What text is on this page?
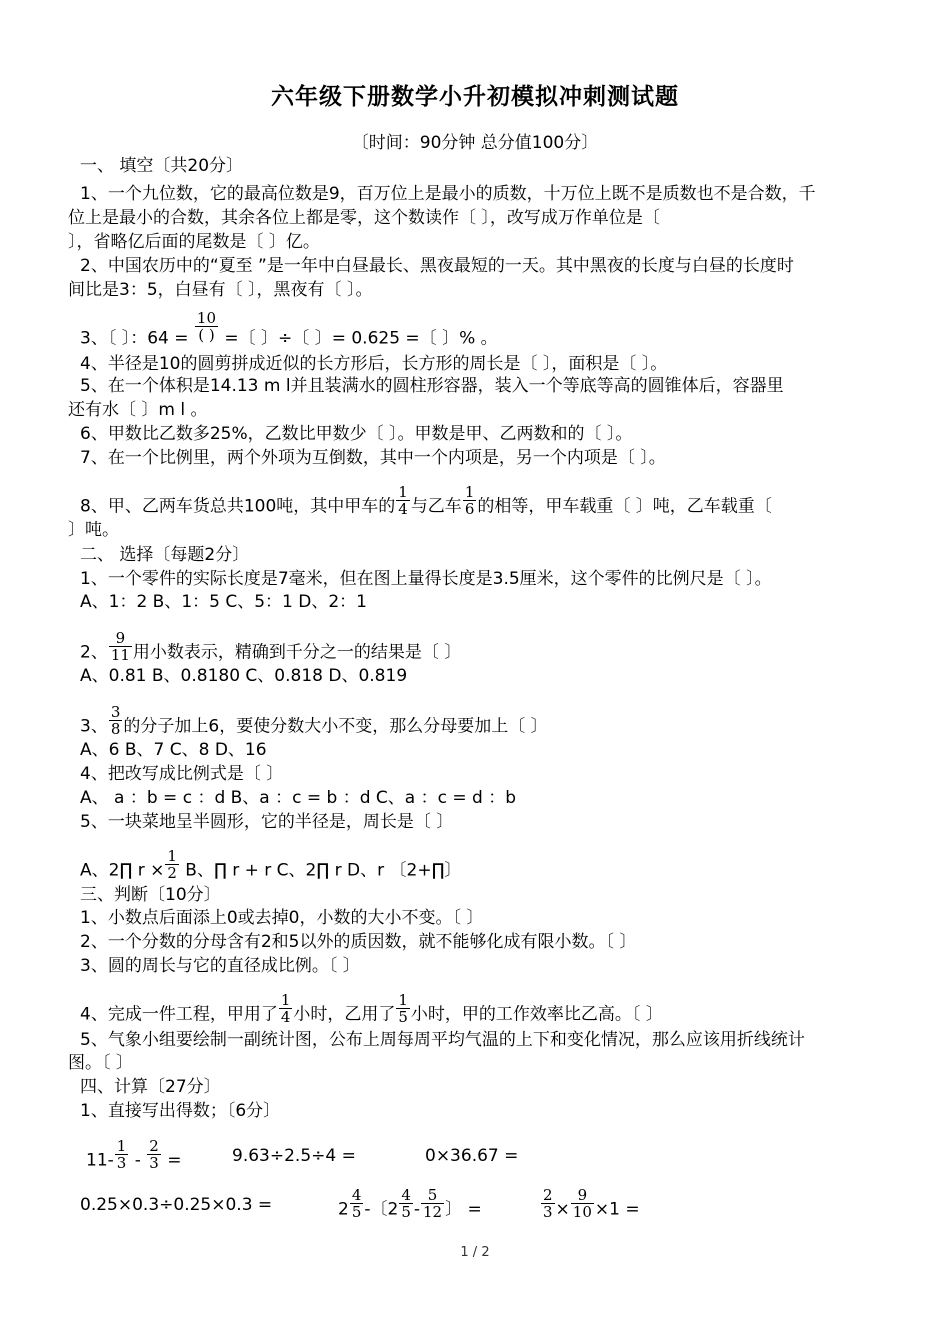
六年级下册数学小升初模拟冲刺测试题
〔时间：90分钟 总分值100分〕
一、 填空〔共20分〕
1、一个九位数，它的最高位数是9，百万位上是最小的质数，十万位上既不是质数也不是合数，千
位上是最小的合数，其余各位上都是零，这个数读作〔 〕，改写成万作单位是〔
〕，省略亿后面的尾数是〔 〕亿。
2、中国农历中的“夏至 ”是一年中白昼最长、黑夜最短的一天。其中黑夜的长度与白昼的长度时
间比是3：5，白昼有〔 〕，黑夜有〔 〕。
3、〔 〕：$64 = \frac{10}{( )}$ =〔 〕÷〔 〕= 0.625 =〔 〕% 。
4、半径是10的圆剪拼成近似的长方形后，长方形的周长是〔 〕，面积是〔 〕。
5、在一个体积是14.13 m l并且装满水的圆柱形容器，装入一个等底等高的圆锥体后，容器里
还有水〔 〕m l 。
6、甲数比乙数多25%，乙数比甲数少〔 〕。甲数是甲、乙两数和的〔 〕。
7、在一个比例里，两个外项为互倒数，其中一个内项是，另一个内项是〔 〕。
8、甲、乙两车货总共100吨，其中甲车的 $\frac{1}{4}$ 与乙车 $\frac{1}{6}$ 的相等，甲车载重〔 〕吨，乙车载重〔
〕吨。
二、 选择〔每题2分〕
1、一个零件的实际长度是7毫米，但在图上量得长度是3.5厘米，这个零件的比例尺是〔 〕。
A、1：2 B、1：5 C、5：1 D、2：1
2、 $\frac{9}{11}$ 用小数表示，精确到千分之一的结果是〔 〕
A、0.81 B、0.8180 C、0.818 D、0.819
3、 $\frac{3}{8}$ 的分子加上6，要使分数大小不变，那么分母要加上〔 〕
A、6 B、7 C、8 D、16
4、把改写成比例式是〔 〕
A、 a ：b = c ：d B、a ：c = b ：d C、a ：c = d ：b
5、一块菜地呈半圆形，它的半径是，周长是〔 〕
A、2∏ $r \times \frac{1}{2}$ B、∏ r + r C、2∏ r D、r 〔2+∏〕
三、判断〔10分〕
1、小数点后面添上0或去掉0，小数的大小不变。〔 〕
2、一个分数的分母含有2和5以外的质因数，就不能够化成有限小数。〔 〕
3、圆的周长与它的直径成比例。〔 〕
4、完成一件工程，甲用了 $\frac{1}{4}$ 小时，乙用了 $\frac{1}{5}$ 小时，甲的工作效率比乙高。〔 〕
5、气象小组要绘制一副统计图，公布上周每周平均气温的上下和变化情况，那么应该用折线统计
图。〔 〕
四、计算〔27分〕
1、直接写出得数；〔6分〕
$11- \frac{1}{3} - \frac{2}{3}$ =	9.63÷2.5÷4 =	0×36.67 =
0.25×0.3÷0.25×0.3 =	$2 \frac{4}{5}$ -〔$2 \frac{4}{5} - \frac{5}{12}$ 〕 =	$\frac{2}{3} \times \frac{9}{10} \times 1$ =
1 / 2
